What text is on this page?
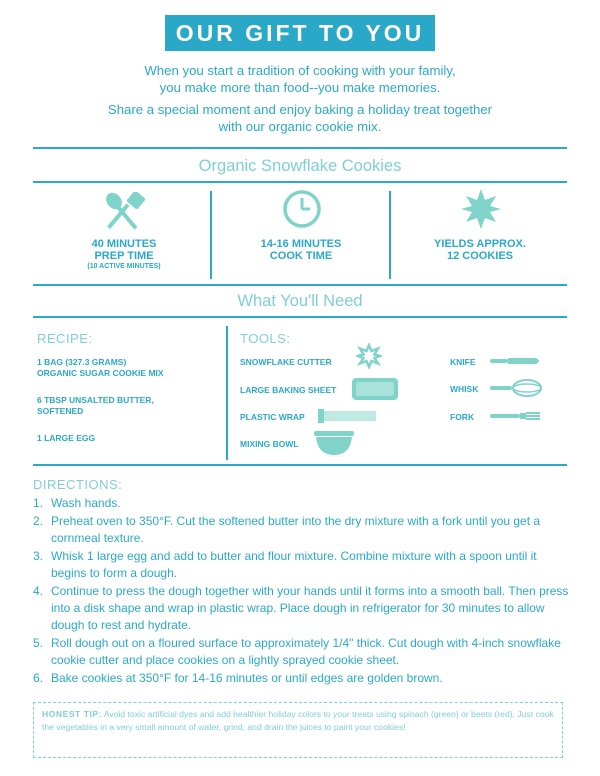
OUR GIFT TO YOU
When you start a tradition of cooking with your family,
you make more than food--you make memories.
Share a special moment and enjoy baking a holiday treat together
with our organic cookie mix.
Organic Snowflake Cookies
40 MINUTES
PREP TIME
(10 ACTIVE MINUTES)
14-16 MINUTES
COOK TIME
YIELDS APPROX.
12 COOKIES
What You'll Need
RECIPE:
1 BAG (327.3 GRAMS)
ORGANIC SUGAR COOKIE MIX
6 TBSP UNSALTED BUTTER,
SOFTENED
1 LARGE EGG
TOOLS:
SNOWFLAKE CUTTER
LARGE BAKING SHEET
PLASTIC WRAP
MIXING BOWL
KNIFE
WHISK
FORK
DIRECTIONS:
1. Wash hands.
2. Preheat oven to 350°F. Cut the softened butter into the dry mixture with a fork until you get a cornmeal texture.
3. Whisk 1 large egg and add to butter and flour mixture. Combine mixture with a spoon until it begins to form a dough.
4. Continue to press the dough together with your hands until it forms into a smooth ball. Then press into a disk shape and wrap in plastic wrap. Place dough in refrigerator for 30 minutes to allow dough to rest and hydrate.
5. Roll dough out on a floured surface to approximately 1/4" thick. Cut dough with 4-inch snowflake cookie cutter and place cookies on a lightly sprayed cookie sheet.
6. Bake cookies at 350°F for 14-16 minutes or until edges are golden brown.
HONEST TIP: Avoid toxic artificial dyes and add healthier holiday colors to your treats using spinach (green) or beets (red). Just cook the vegetables in a very small amount of water, grind, and drain the juices to paint your cookies!
